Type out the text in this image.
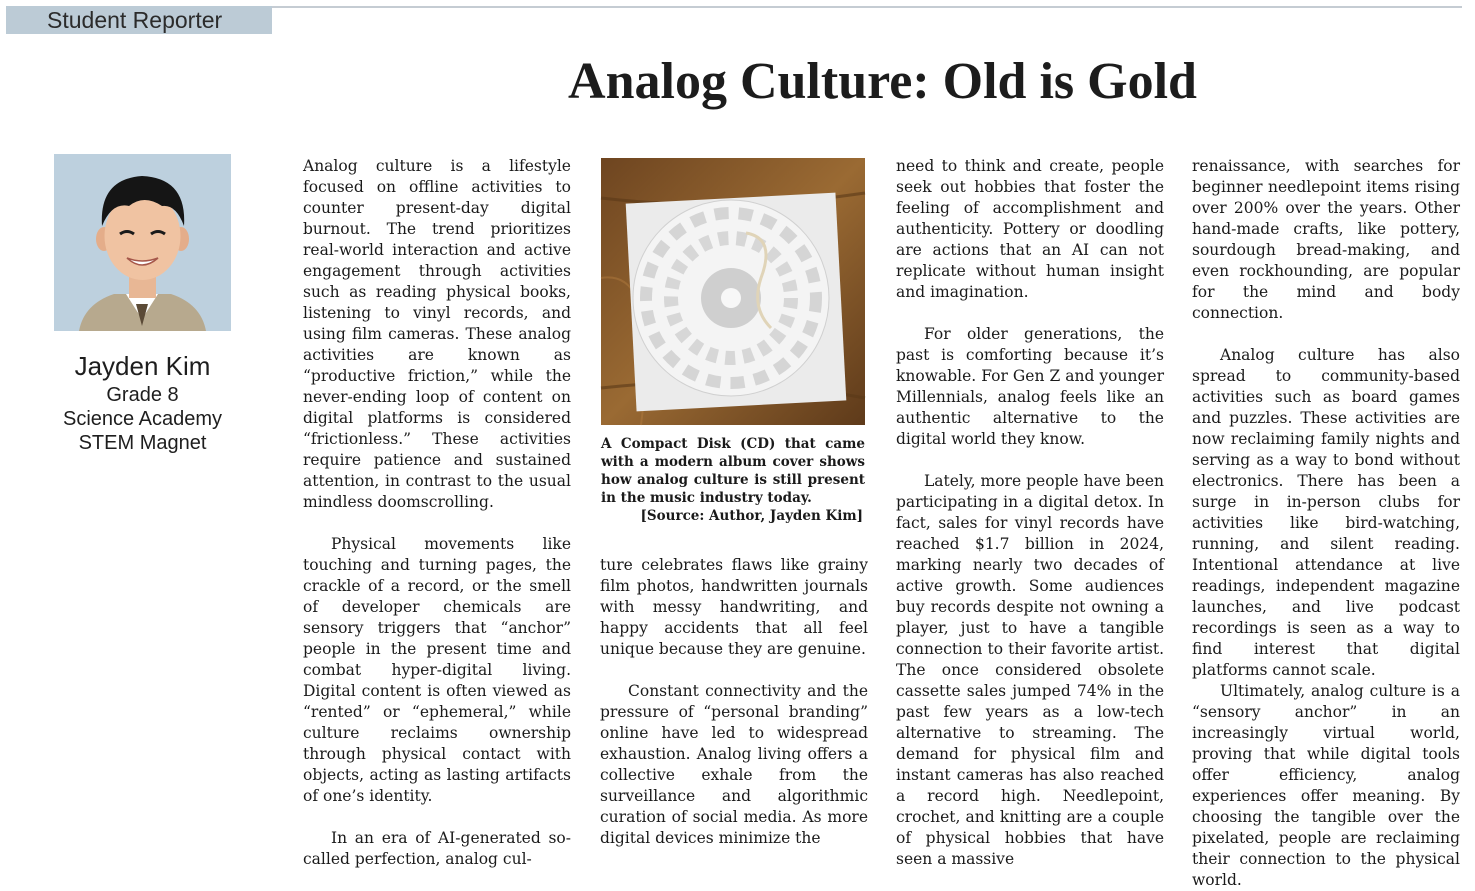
Student Reporter
Analog Culture: Old is Gold
Jayden Kim
Grade 8
Science Academy
STEM Magnet

Analog culture is a lifestyle focused on offline activities to counter present-day digital burnout. The trend prioritizes real-world interaction and active engagement through activities such as reading physical books, listening to vinyl records, and using film cameras. These analog activities are known as “productive friction,” while the never-ending loop of content on digital platforms is considered “frictionless.” These activities require patience and sustained attention, in contrast to the usual mindless doomscrolling.

Physical movements like touching and turning pages, the crackle of a record, or the smell of developer chemicals are sensory triggers that “anchor” people in the present time and combat hyper-digital living. Digital content is often viewed as “rented” or “ephemeral,” while culture reclaims ownership through physical contact with objects, acting as lasting artifacts of one’s identity.

In an era of AI-generated so-called perfection, analog cul-

A Compact Disk (CD) that came with a modern album cover shows how analog culture is still present in the music industry today.
[Source: Author, Jayden Kim]

ture celebrates flaws like grainy film photos, handwritten journals with messy handwriting, and happy accidents that all feel unique because they are genuine.

Constant connectivity and the pressure of “personal branding” online have led to widespread exhaustion. Analog living offers a collective exhale from the surveillance and algorithmic curation of social media. As more digital devices minimize the

need to think and create, people seek out hobbies that foster the feeling of accomplishment and authenticity. Pottery or doodling are actions that an AI can not replicate without human insight and imagination.

For older generations, the past is comforting because it’s knowable. For Gen Z and younger Millennials, analog feels like an authentic alternative to the digital world they know.

Lately, more people have been participating in a digital detox. In fact, sales for vinyl records have reached $1.7 billion in 2024, marking nearly two decades of active growth. Some audiences buy records despite not owning a player, just to have a tangible connection to their favorite artist. The once considered obsolete cassette sales jumped 74% in the past few years as a low-tech alternative to streaming. The demand for physical film and instant cameras has also reached a record high. Needlepoint, crochet, and knitting are a couple of physical hobbies that have seen a massive

renaissance, with searches for beginner needlepoint items rising over 200% over the years. Other hand-made crafts, like pottery, sourdough bread-making, and even rockhounding, are popular for the mind and body connection.

Analog culture has also spread to community-based activities such as board games and puzzles. These activities are now reclaiming family nights and serving as a way to bond without electronics. There has been a surge in in-person clubs for activities like bird-watching, running, and silent reading. Intentional attendance at live readings, independent magazine launches, and live podcast recordings is seen as a way to find interest that digital platforms cannot scale.

Ultimately, analog culture is a “sensory anchor” in an increasingly virtual world, proving that while digital tools offer efficiency, analog experiences offer meaning. By choosing the tangible over the pixelated, people are reclaiming their connection to the physical world.
